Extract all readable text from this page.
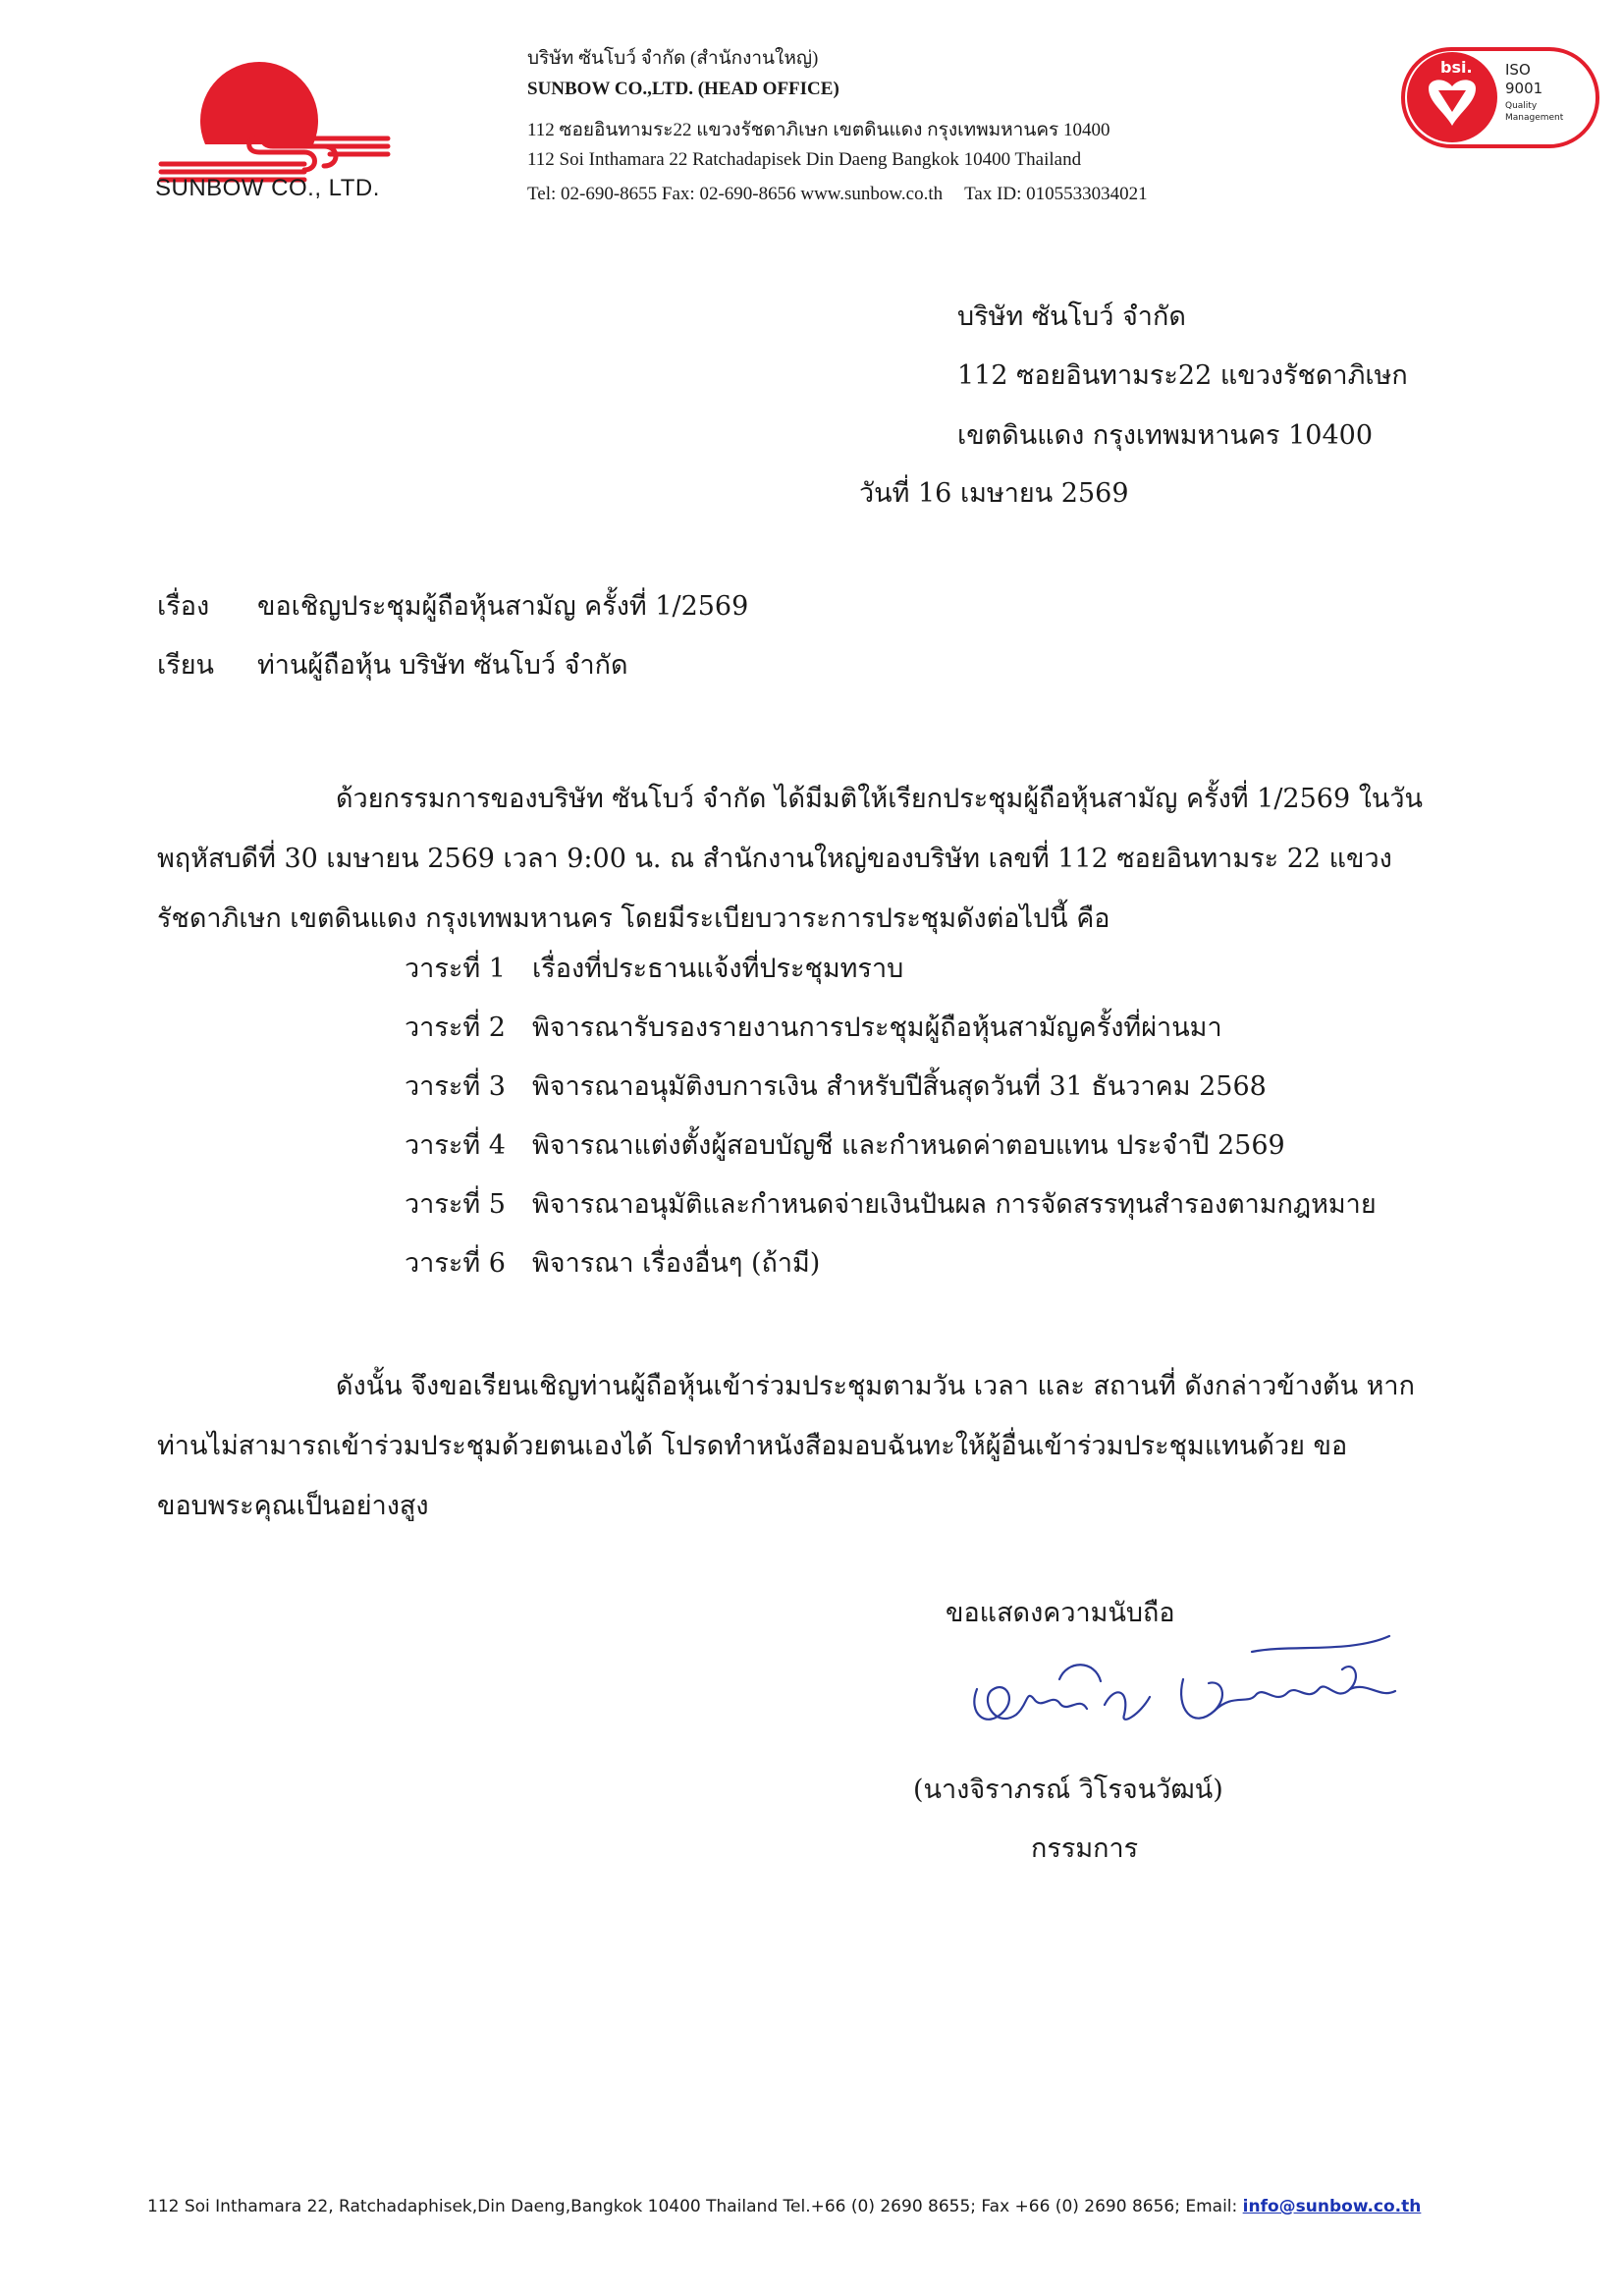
SUNBOW CO., LTD.
บริษัท ซันโบว์ จำกัด (สำนักงานใหญ่)
SUNBOW CO.,LTD. (HEAD OFFICE)
112 ซอยอินทามระ22 แขวงรัชดาภิเษก เขตดินแดง กรุงเทพมหานคร 10400
112 Soi Inthamara 22 Ratchadapisek Din Daeng Bangkok 10400 Thailand
Tel: 02-690-8655 Fax: 02-690-8656 www.sunbow.co.th Tax ID: 0105533034021
bsi. ISO
9001
Quality
Management
บริษัท ซันโบว์ จำกัด
112 ซอยอินทามระ22 แขวงรัชดาภิเษก
เขตดินแดง กรุงเทพมหานคร 10400
วันที่ 16 เมษายน 2569
เรื่อง ขอเชิญประชุมผู้ถือหุ้นสามัญ ครั้งที่ 1/2569
เรียน ท่านผู้ถือหุ้น บริษัท ซันโบว์ จำกัด
ด้วยกรรมการของบริษัท ซันโบว์ จำกัด ได้มีมติให้เรียกประชุมผู้ถือหุ้นสามัญ ครั้งที่ 1/2569 ในวันพฤหัสบดีที่ 30 เมษายน 2569 เวลา 9:00 น. ณ สำนักงานใหญ่ของบริษัท เลขที่ 112 ซอยอินทามระ 22 แขวงรัชดาภิเษก เขตดินแดง กรุงเทพมหานคร โดยมีระเบียบวาระการประชุมดังต่อไปนี้ คือ
วาระที่ 1 เรื่องที่ประธานแจ้งที่ประชุมทราบ
วาระที่ 2 พิจารณารับรองรายงานการประชุมผู้ถือหุ้นสามัญครั้งที่ผ่านมา
วาระที่ 3 พิจารณาอนุมัติงบการเงิน สำหรับปีสิ้นสุดวันที่ 31 ธันวาคม 2568
วาระที่ 4 พิจารณาแต่งตั้งผู้สอบบัญชี และกำหนดค่าตอบแทน ประจำปี 2569
วาระที่ 5 พิจารณาอนุมัติและกำหนดจ่ายเงินปันผล การจัดสรรทุนสำรองตามกฎหมาย
วาระที่ 6 พิจารณา เรื่องอื่นๆ (ถ้ามี)
ดังนั้น จึงขอเรียนเชิญท่านผู้ถือหุ้นเข้าร่วมประชุมตามวัน เวลา และ สถานที่ ดังกล่าวข้างต้น หากท่านไม่สามารถเข้าร่วมประชุมด้วยตนเองได้ โปรดทำหนังสือมอบฉันทะให้ผู้อื่นเข้าร่วมประชุมแทนด้วย ขอขอบพระคุณเป็นอย่างสูง
ขอแสดงความนับถือ
(นางจิราภรณ์ วิโรจนวัฒน์)
กรรมการ
112 Soi Inthamara 22, Ratchadaphisek,Din Daeng,Bangkok 10400 Thailand Tel.+66 (0) 2690 8655; Fax +66 (0) 2690 8656; Email: info@sunbow.co.th
